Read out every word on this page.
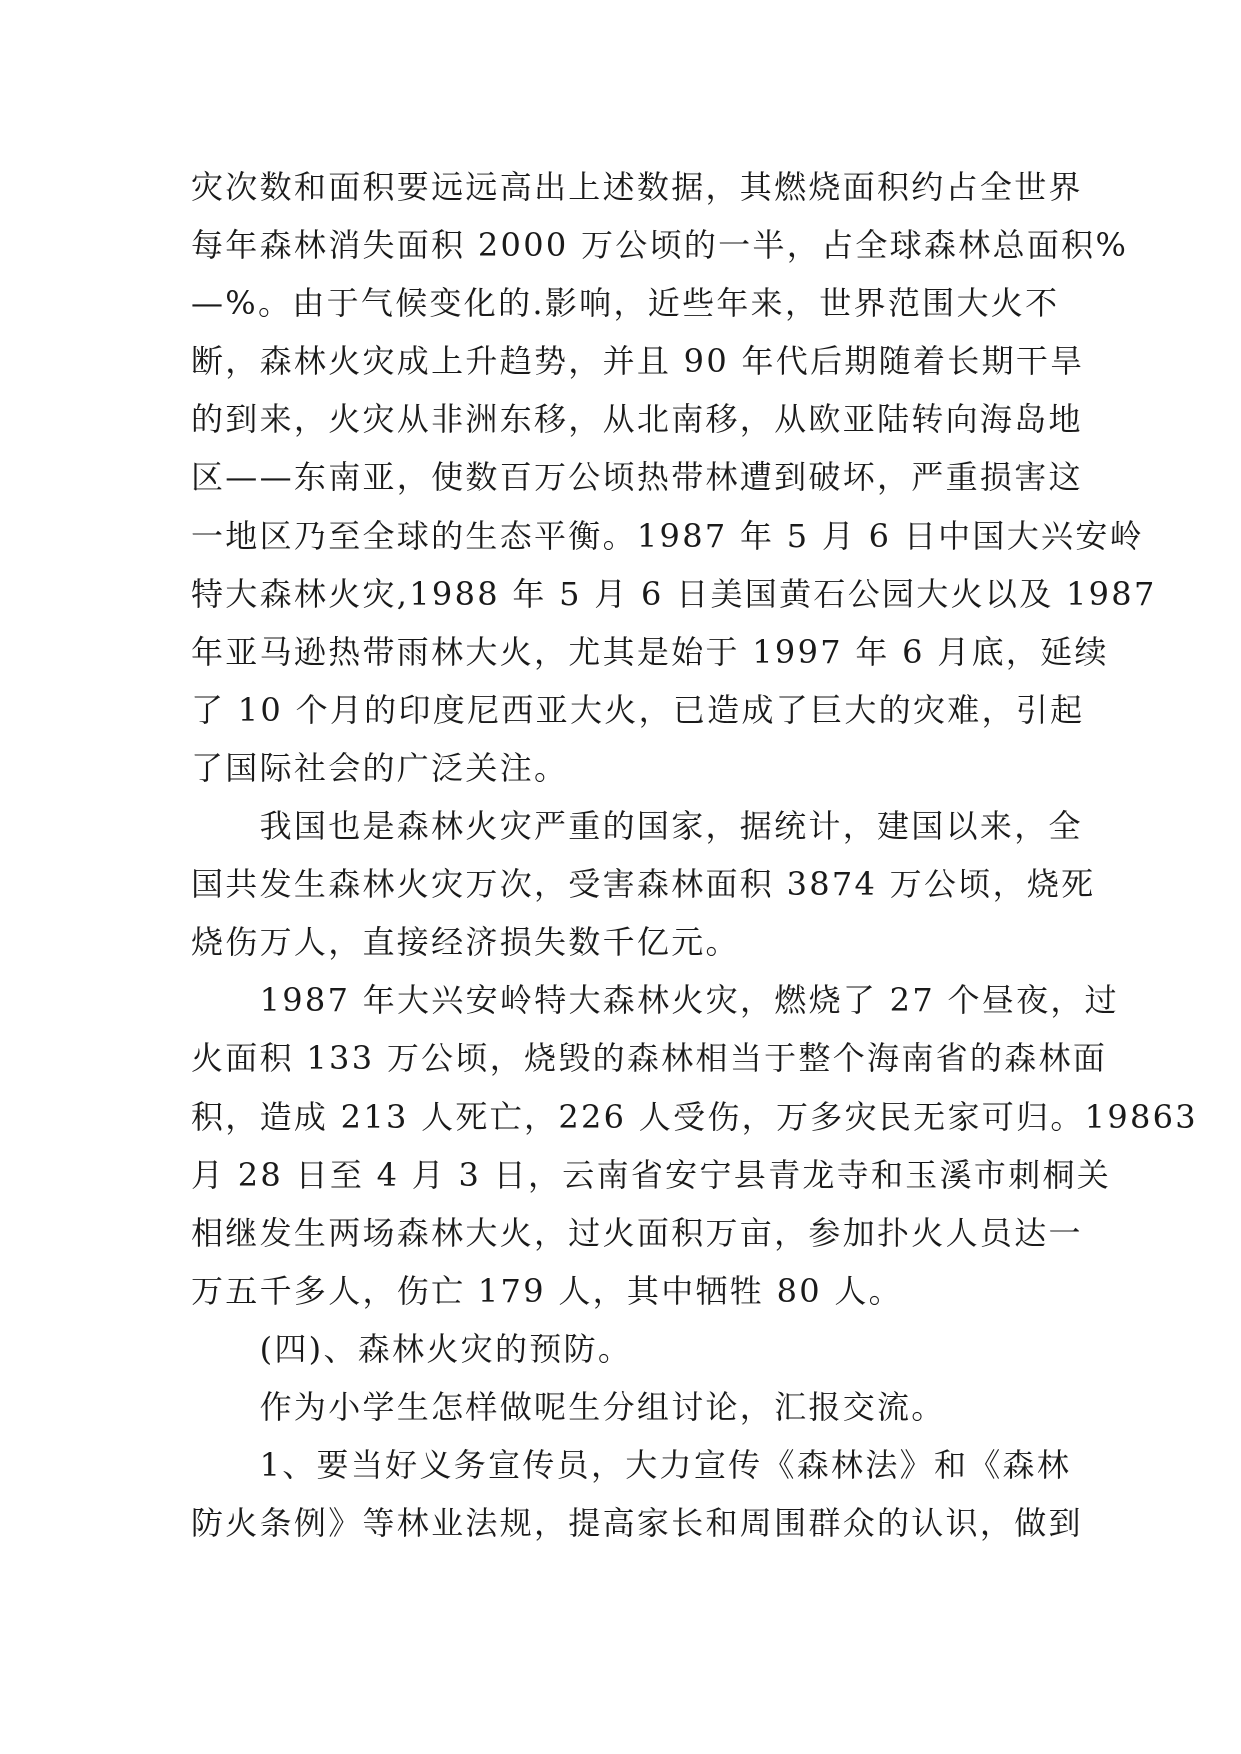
灾次数和面积要远远高出上述数据，其燃烧面积约占全世界
每年森林消失面积 2000 万公顷的一半，占全球森林总面积%
—%。由于气候变化的.影响，近些年来，世界范围大火不
断，森林火灾成上升趋势，并且 90 年代后期随着长期干旱
的到来，火灾从非洲东移，从北南移，从欧亚陆转向海岛地
区——东南亚，使数百万公顷热带林遭到破坏，严重损害这
一地区乃至全球的生态平衡。1987 年 5 月 6 日中国大兴安岭
特大森林火灾,1988 年 5 月 6 日美国黄石公园大火以及 1987
年亚马逊热带雨林大火，尤其是始于 1997 年 6 月底，延续
了 10 个月的印度尼西亚大火，已造成了巨大的灾难，引起
了国际社会的广泛关注。
　　我国也是森林火灾严重的国家，据统计，建国以来，全
国共发生森林火灾万次，受害森林面积 3874 万公顷，烧死
烧伤万人，直接经济损失数千亿元。
　　1987 年大兴安岭特大森林火灾，燃烧了 27 个昼夜，过
火面积 133 万公顷，烧毁的森林相当于整个海南省的森林面
积，造成 213 人死亡，226 人受伤，万多灾民无家可归。19863
月 28 日至 4 月 3 日，云南省安宁县青龙寺和玉溪市刺桐关
相继发生两场森林大火，过火面积万亩，参加扑火人员达一
万五千多人，伤亡 179 人，其中牺牲 80 人。
　　(四)、森林火灾的预防。
　　作为小学生怎样做呢生分组讨论，汇报交流。
　　1、要当好义务宣传员，大力宣传《森林法》和《森林
防火条例》等林业法规，提高家长和周围群众的认识，做到
